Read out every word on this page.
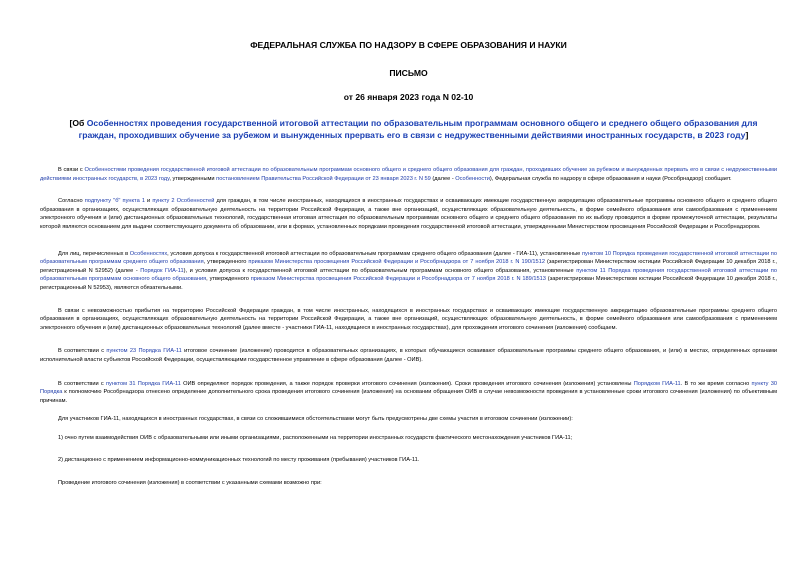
ФЕДЕРАЛЬНАЯ СЛУЖБА ПО НАДЗОРУ В СФЕРЕ ОБРАЗОВАНИЯ И НАУКИ
ПИСЬМО
от 26 января 2023 года N 02-10
[Об Особенностях проведения государственной итоговой аттестации по образовательным программам основного общего и среднего общего образования для граждан, проходивших обучение за рубежом и вынужденных прервать его в связи с недружественными действиями иностранных государств, в 2023 году]

В связи с Особенностями проведения государственной итоговой аттестации по образовательным программам основного общего и среднего общего образования для граждан, проходивших обучение за рубежом и вынужденных прервать его в связи с недружественными действиями иностранных государств, в 2023 году, утвержденными постановлением Правительства Российской Федерации от 23 января 2023 г. N 59 (далее - Особенности), Федеральная служба по надзору в сфере образования и науки (Рособрнадзор) сообщает.

Согласно подпункту "б" пункта 1 и пункту 2 Особенностей для граждан, в том числе иностранных, находящихся в иностранных государствах и осваивающих имеющие государственную аккредитацию образовательные программы основного общего и среднего общего образования в организациях, осуществляющих образовательную деятельность на территории Российской Федерации, а также вне организаций, осуществляющих образовательную деятельность, в форме семейного образования или самообразования с применением электронного обучения и (или) дистанционных образовательных технологий, государственная итоговая аттестация по образовательным программам основного общего и среднего общего образования по их выбору проводится в форме промежуточной аттестации, результаты которой являются основанием для выдачи соответствующего документа об образовании, или в формах, установленных порядками проведения государственной итоговой аттестации, утвержденными Министерством просвещения Российской Федерации и Рособрнадзором.

Для лиц, перечисленных в Особенностях, условия допуска к государственной итоговой аттестации по образовательным программам среднего общего образования (далее - ГИА-11), установленные пунктом 10 Порядка проведения государственной итоговой аттестации по образовательным программам среднего общего образования, утвержденного приказом Министерства просвещения Российской Федерации и Рособрнадзора от 7 ноября 2018 г. N 190/1512 (зарегистрирован Министерством юстиции Российской Федерации 10 декабря 2018 г., регистрационный N 52952) (далее - Порядок ГИА-11), и условия допуска к государственной итоговой аттестации по образовательным программам основного общего образования, установленные пунктом 11 Порядка проведения государственной итоговой аттестации по образовательным программам основного общего образования, утвержденного приказом Министерства просвещения Российской Федерации и Рособрнадзора от 7 ноября 2018 г. N 189/1513 (зарегистрирован Министерством юстиции Российской Федерации 10 декабря 2018 г., регистрационный N 52953), являются обязательными.

В связи с невозможностью прибытия на территорию Российской Федерации граждан, в том числе иностранных, находящихся в иностранных государствах и осваивающих имеющие государственную аккредитацию образовательные программы среднего общего образования в организациях, осуществляющих образовательную деятельность на территории Российской Федерации, а также вне организаций, осуществляющих образовательную деятельность, в форме семейного образования или самообразования с применением электронного обучения и (или) дистанционных образовательных технологий (далее вместе - участники ГИА-11, находящиеся в иностранных государствах), для прохождения итогового сочинения (изложения) сообщаем.

В соответствии с пунктом 23 Порядка ГИА-11 итоговое сочинение (изложение) проводится в образовательных организациях, в которых обучающиеся осваивают образовательные программы среднего общего образования, и (или) в местах, определенных органами исполнительной власти субъектов Российской Федерации, осуществляющими государственное управление в сфере образования (далее - ОИВ).

В соответствии с пунктом 31 Порядка ГИА-11 ОИВ определяют порядок проведения, а также порядок проверки итогового сочинения (изложения). Сроки проведения итогового сочинения (изложения) установлены Порядком ГИА-11. В то же время согласно пункту 30 Порядка к полномочию Рособрнадзора отнесено определение дополнительного срока проведения итогового сочинения (изложения) на основании обращения ОИВ в случае невозможности проведения в установленные сроки итогового сочинения (изложения) по объективным причинам.

Для участников ГИА-11, находящихся в иностранных государствах, в связи со сложившимися обстоятельствами могут быть предусмотрены две схемы участия в итоговом сочинении (изложении):

1) очно путем взаимодействия ОИВ с образовательными или иными организациями, расположенными на территории иностранных государств фактического местонахождения участников ГИА-11;

2) дистанционно с применением информационно-коммуникационных технологий по месту проживания (пребывания) участников ГИА-11.

Проведение итогового сочинения (изложения) в соответствии с указанными схемами возможно при:
